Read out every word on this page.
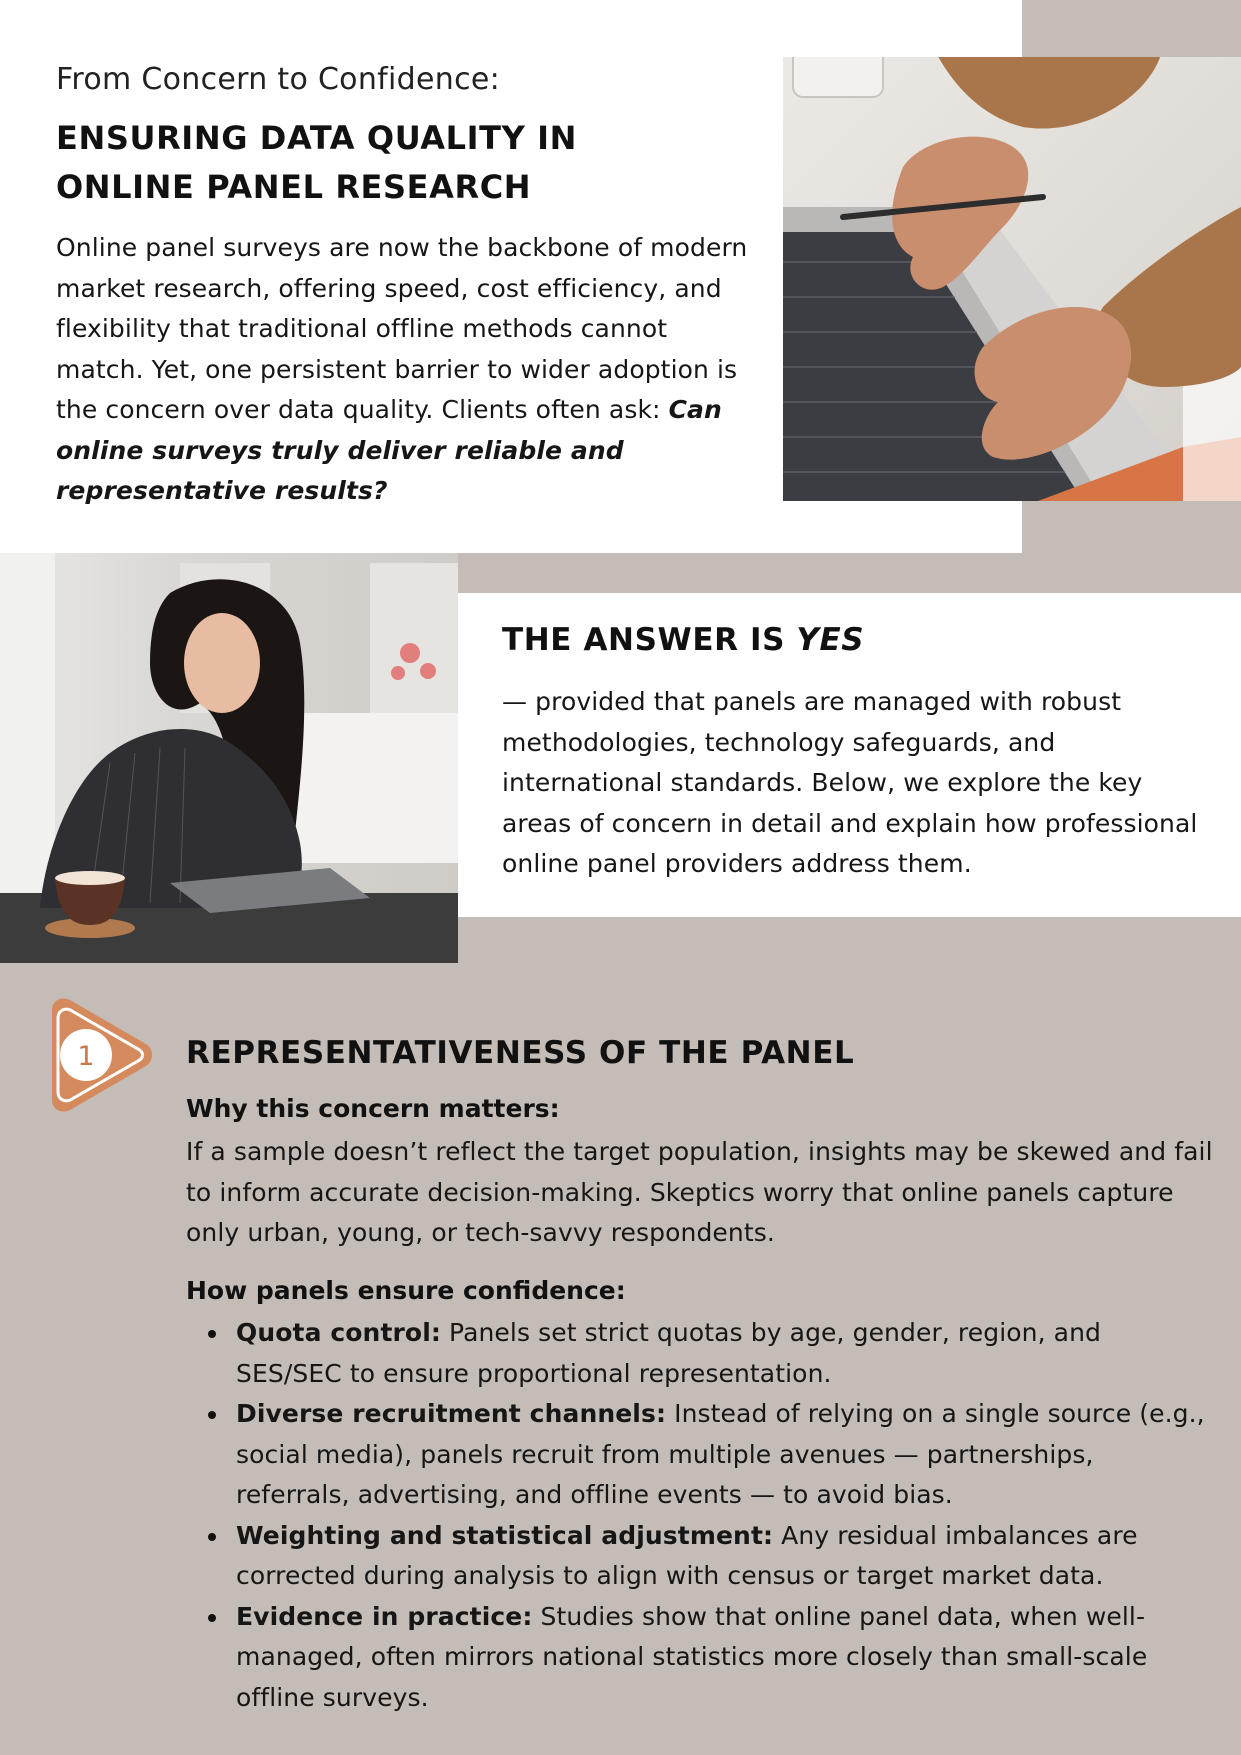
From Concern to Confidence:
ENSURING DATA QUALITY IN
ONLINE PANEL RESEARCH
Online panel surveys are now the backbone of modern market research, offering speed, cost efficiency, and flexibility that traditional offline methods cannot match. Yet, one persistent barrier to wider adoption is the concern over data quality. Clients often ask: Can online surveys truly deliver reliable and representative results?
THE ANSWER IS YES
— provided that panels are managed with robust methodologies, technology safeguards, and international standards. Below, we explore the key areas of concern in detail and explain how professional online panel providers address them.
1	REPRESENTATIVENESS OF THE PANEL
Why this concern matters:
If a sample doesn’t reflect the target population, insights may be skewed and fail to inform accurate decision-making. Skeptics worry that online panels capture only urban, young, or tech-savvy respondents.
How panels ensure confidence:
Quota control: Panels set strict quotas by age, gender, region, and SES/SEC to ensure proportional representation.
Diverse recruitment channels: Instead of relying on a single source (e.g., social media), panels recruit from multiple avenues — partnerships, referrals, advertising, and offline events — to avoid bias.
Weighting and statistical adjustment: Any residual imbalances are corrected during analysis to align with census or target market data.
Evidence in practice: Studies show that online panel data, when well-managed, often mirrors national statistics more closely than small-scale offline surveys.
